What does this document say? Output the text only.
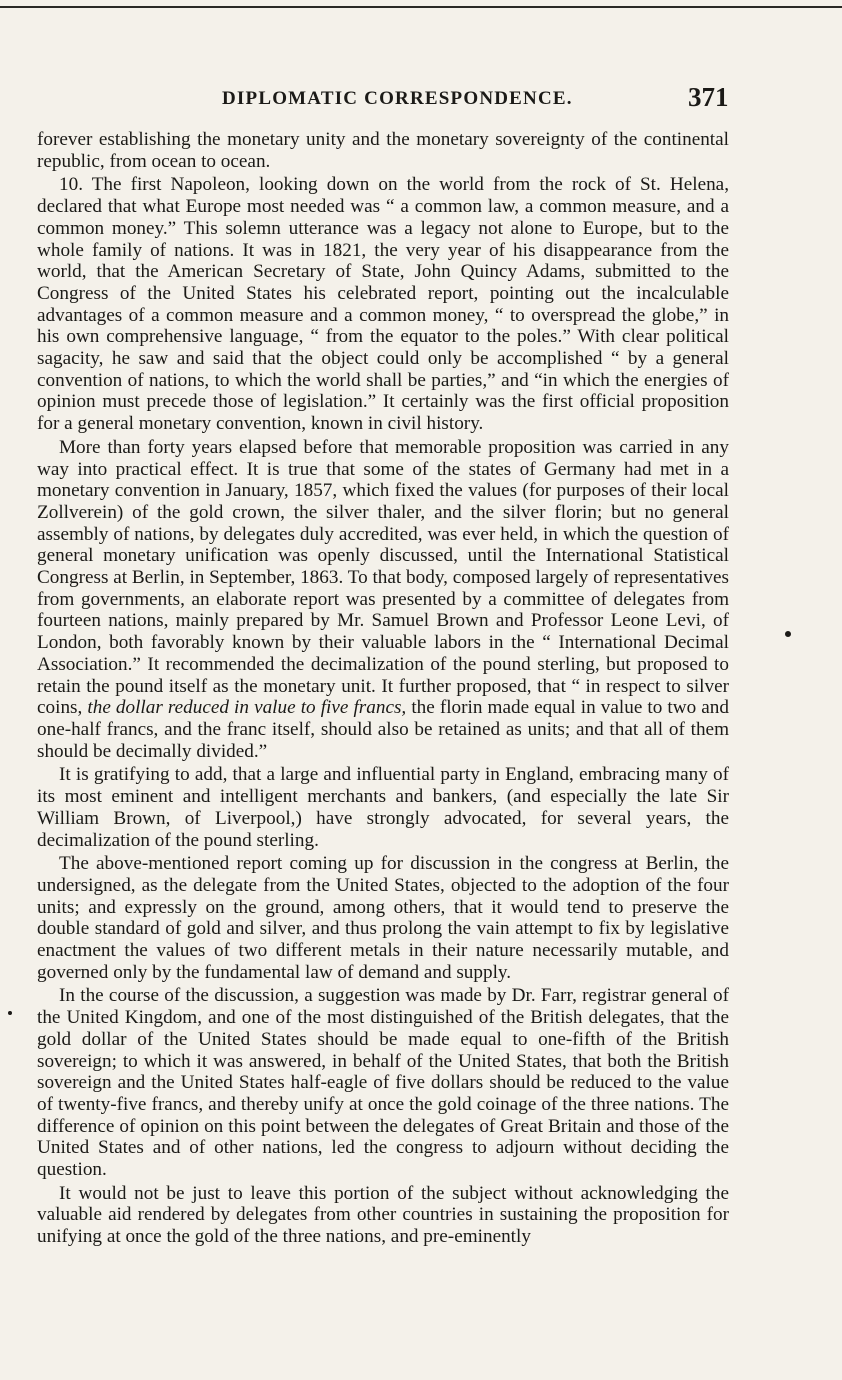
DIPLOMATIC CORRESPONDENCE.	371

forever establishing the monetary unity and the monetary sovereignty of the continental republic, from ocean to ocean.

10. The first Napoleon, looking down on the world from the rock of St. Helena, declared that what Europe most needed was “ a common law, a common measure, and a common money.” This solemn utterance was a legacy not alone to Europe, but to the whole family of nations. It was in 1821, the very year of his disappearance from the world, that the American Secretary of State, John Quincy Adams, submitted to the Congress of the United States his celebrated report, pointing out the incalculable advantages of a common measure and a common money, “ to overspread the globe,” in his own comprehensive language, “ from the equator to the poles.” With clear political sagacity, he saw and said that the object could only be accomplished “ by a general convention of nations, to which the world shall be parties,” and “in which the energies of opinion must precede those of legislation.” It certainly was the first official proposition for a general monetary convention, known in civil history.

More than forty years elapsed before that memorable proposition was carried in any way into practical effect. It is true that some of the states of Germany had met in a monetary convention in January, 1857, which fixed the values (for purposes of their local Zollverein) of the gold crown, the silver thaler, and the silver florin; but no general assembly of nations, by delegates duly accredited, was ever held, in which the question of general monetary unification was openly discussed, until the International Statistical Congress at Berlin, in September, 1863. To that body, composed largely of representatives from governments, an elaborate report was presented by a committee of delegates from fourteen nations, mainly prepared by Mr. Samuel Brown and Professor Leone Levi, of London, both favorably known by their valuable labors in the “ International Decimal Association.” It recommended the decimalization of the pound sterling, but proposed to retain the pound itself as the monetary unit. It further proposed, that “ in respect to silver coins, the dollar reduced in value to five francs, the florin made equal in value to two and one-half francs, and the franc itself, should also be retained as units; and that all of them should be decimally divided.”

It is gratifying to add, that a large and influential party in England, embracing many of its most eminent and intelligent merchants and bankers, (and especially the late Sir William Brown, of Liverpool,) have strongly advocated, for several years, the decimalization of the pound sterling.

The above-mentioned report coming up for discussion in the congress at Berlin, the undersigned, as the delegate from the United States, objected to the adoption of the four units; and expressly on the ground, among others, that it would tend to preserve the double standard of gold and silver, and thus prolong the vain attempt to fix by legislative enactment the values of two different metals in their nature necessarily mutable, and governed only by the fundamental law of demand and supply.

In the course of the discussion, a suggestion was made by Dr. Farr, registrar general of the United Kingdom, and one of the most distinguished of the British delegates, that the gold dollar of the United States should be made equal to one-fifth of the British sovereign; to which it was answered, in behalf of the United States, that both the British sovereign and the United States half-eagle of five dollars should be reduced to the value of twenty-five francs, and thereby unify at once the gold coinage of the three nations. The difference of opinion on this point between the delegates of Great Britain and those of the United States and of other nations, led the congress to adjourn without deciding the question.

It would not be just to leave this portion of the subject without acknowledging the valuable aid rendered by delegates from other countries in sustaining the proposition for unifying at once the gold of the three nations, and pre-eminently
